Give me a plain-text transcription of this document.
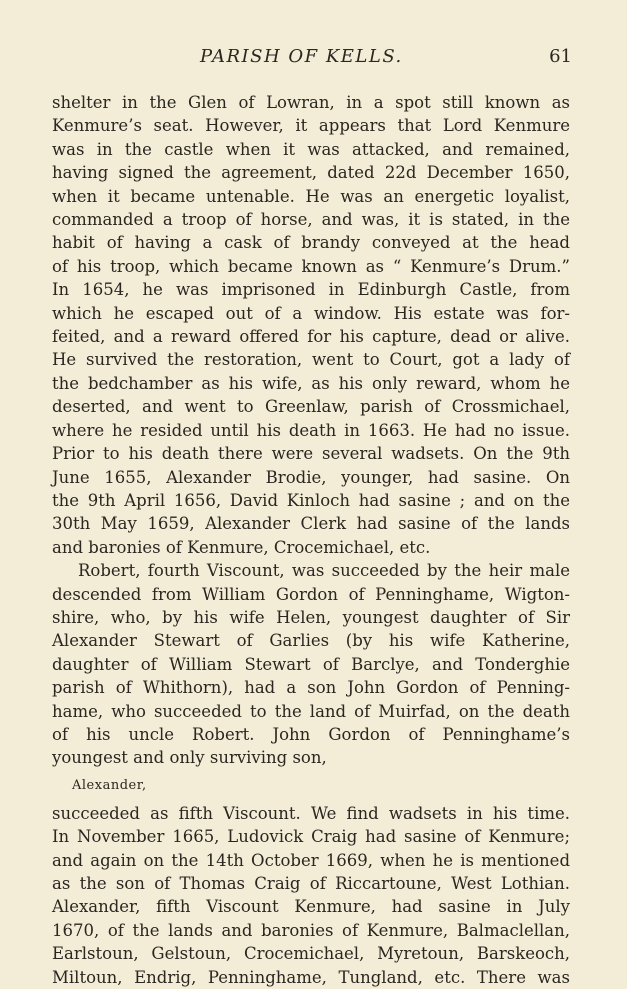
PARISH OF KELLS.	61
shelter in the Glen of Lowran, in a spot still known as
Kenmure’s seat. However, it appears that Lord Kenmure
was in the castle when it was attacked, and remained,
having signed the agreement, dated 22d December 1650,
when it became untenable. He was an energetic loyalist,
commanded a troop of horse, and was, it is stated, in the
habit of having a cask of brandy conveyed at the head
of his troop, which became known as “ Kenmure’s Drum.”
In 1654, he was imprisoned in Edinburgh Castle, from
which he escaped out of a window. His estate was for-
feited, and a reward offered for his capture, dead or alive.
He survived the restoration, went to Court, got a lady of
the bedchamber as his wife, as his only reward, whom he
deserted, and went to Greenlaw, parish of Crossmichael,
where he resided until his death in 1663. He had no issue.
Prior to his death there were several wadsets. On the 9th
June 1655, Alexander Brodie, younger, had sasine. On
the 9th April 1656, David Kinloch had sasine ; and on the
30th May 1659, Alexander Clerk had sasine of the lands
and baronies of Kenmure, Crocemichael, etc.
Robert, fourth Viscount, was succeeded by the heir male
descended from William Gordon of Penninghame, Wigton-
shire, who, by his wife Helen, youngest daughter of Sir
Alexander Stewart of Garlies (by his wife Katherine,
daughter of William Stewart of Barclye, and Tonderghie
parish of Whithorn), had a son John Gordon of Penning-
hame, who succeeded to the land of Muirfad, on the death
of his uncle Robert. John Gordon of Penninghame’s
youngest and only surviving son,
Alexander,
succeeded as fifth Viscount. We find wadsets in his time.
In November 1665, Ludovick Craig had sasine of Kenmure;
and again on the 14th October 1669, when he is mentioned
as the son of Thomas Craig of Riccartoune, West Lothian.
Alexander, fifth Viscount Kenmure, had sasine in July
1670, of the lands and baronies of Kenmure, Balmaclellan,
Earlstoun, Gelstoun, Crocemichael, Myretoun, Barskeoch,
Miltoun, Endrig, Penninghame, Tungland, etc. There was
